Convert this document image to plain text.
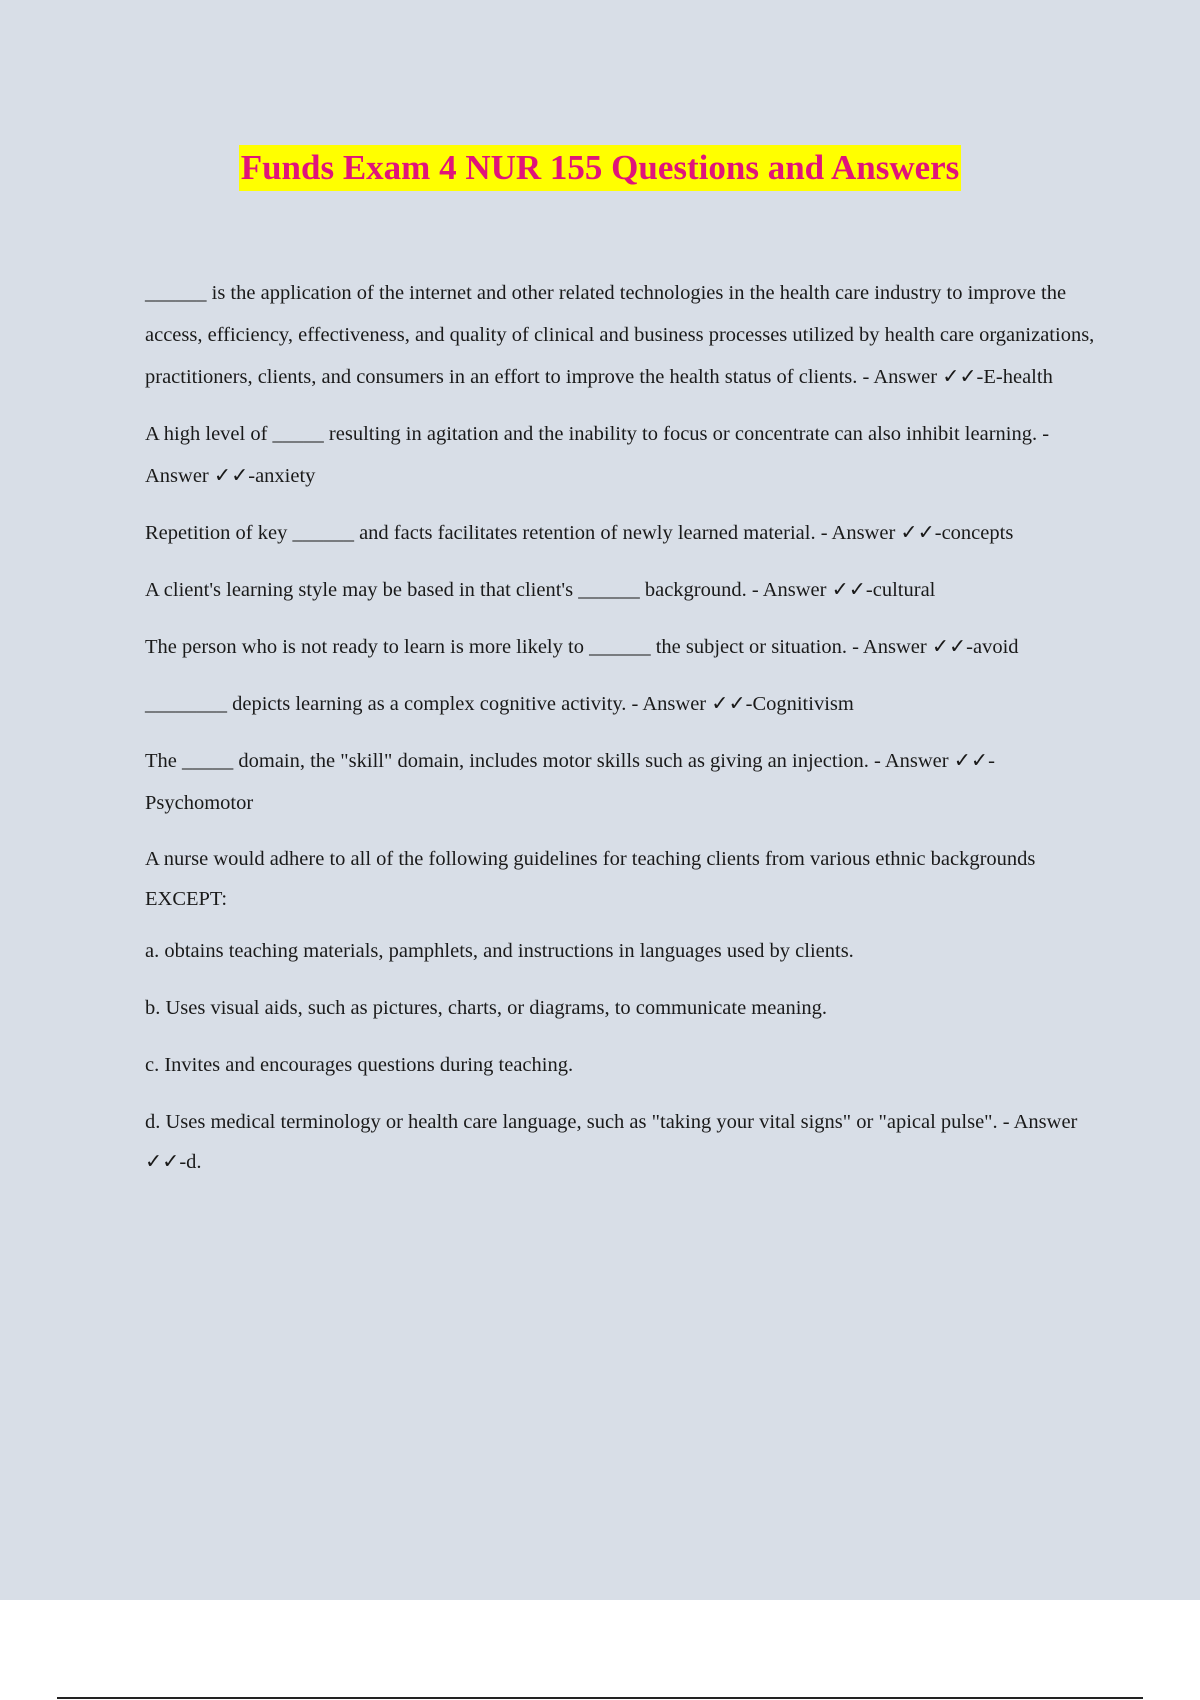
Funds Exam 4 NUR 155 Questions and Answers

______ is the application of the internet and other related technologies in the health care industry to improve the access, efficiency, effectiveness, and quality of clinical and business processes utilized by health care organizations, practitioners, clients, and consumers in an effort to improve the health status of clients. - Answer ✓✓-E-health

A high level of _____ resulting in agitation and the inability to focus or concentrate can also inhibit learning. - Answer ✓✓-anxiety

Repetition of key ______ and facts facilitates retention of newly learned material. - Answer ✓✓-concepts

A client's learning style may be based in that client's ______ background. - Answer ✓✓-cultural

The person who is not ready to learn is more likely to ______ the subject or situation. - Answer ✓✓-avoid

________ depicts learning as a complex cognitive activity. - Answer ✓✓-Cognitivism

The _____ domain, the "skill" domain, includes motor skills such as giving an injection. - Answer ✓✓-Psychomotor

A nurse would adhere to all of the following guidelines for teaching clients from various ethnic backgrounds EXCEPT:

a. obtains teaching materials, pamphlets, and instructions in languages used by clients.

b. Uses visual aids, such as pictures, charts, or diagrams, to communicate meaning.

c. Invites and encourages questions during teaching.

d. Uses medical terminology or health care language, such as "taking your vital signs" or "apical pulse". - Answer ✓✓-d.
